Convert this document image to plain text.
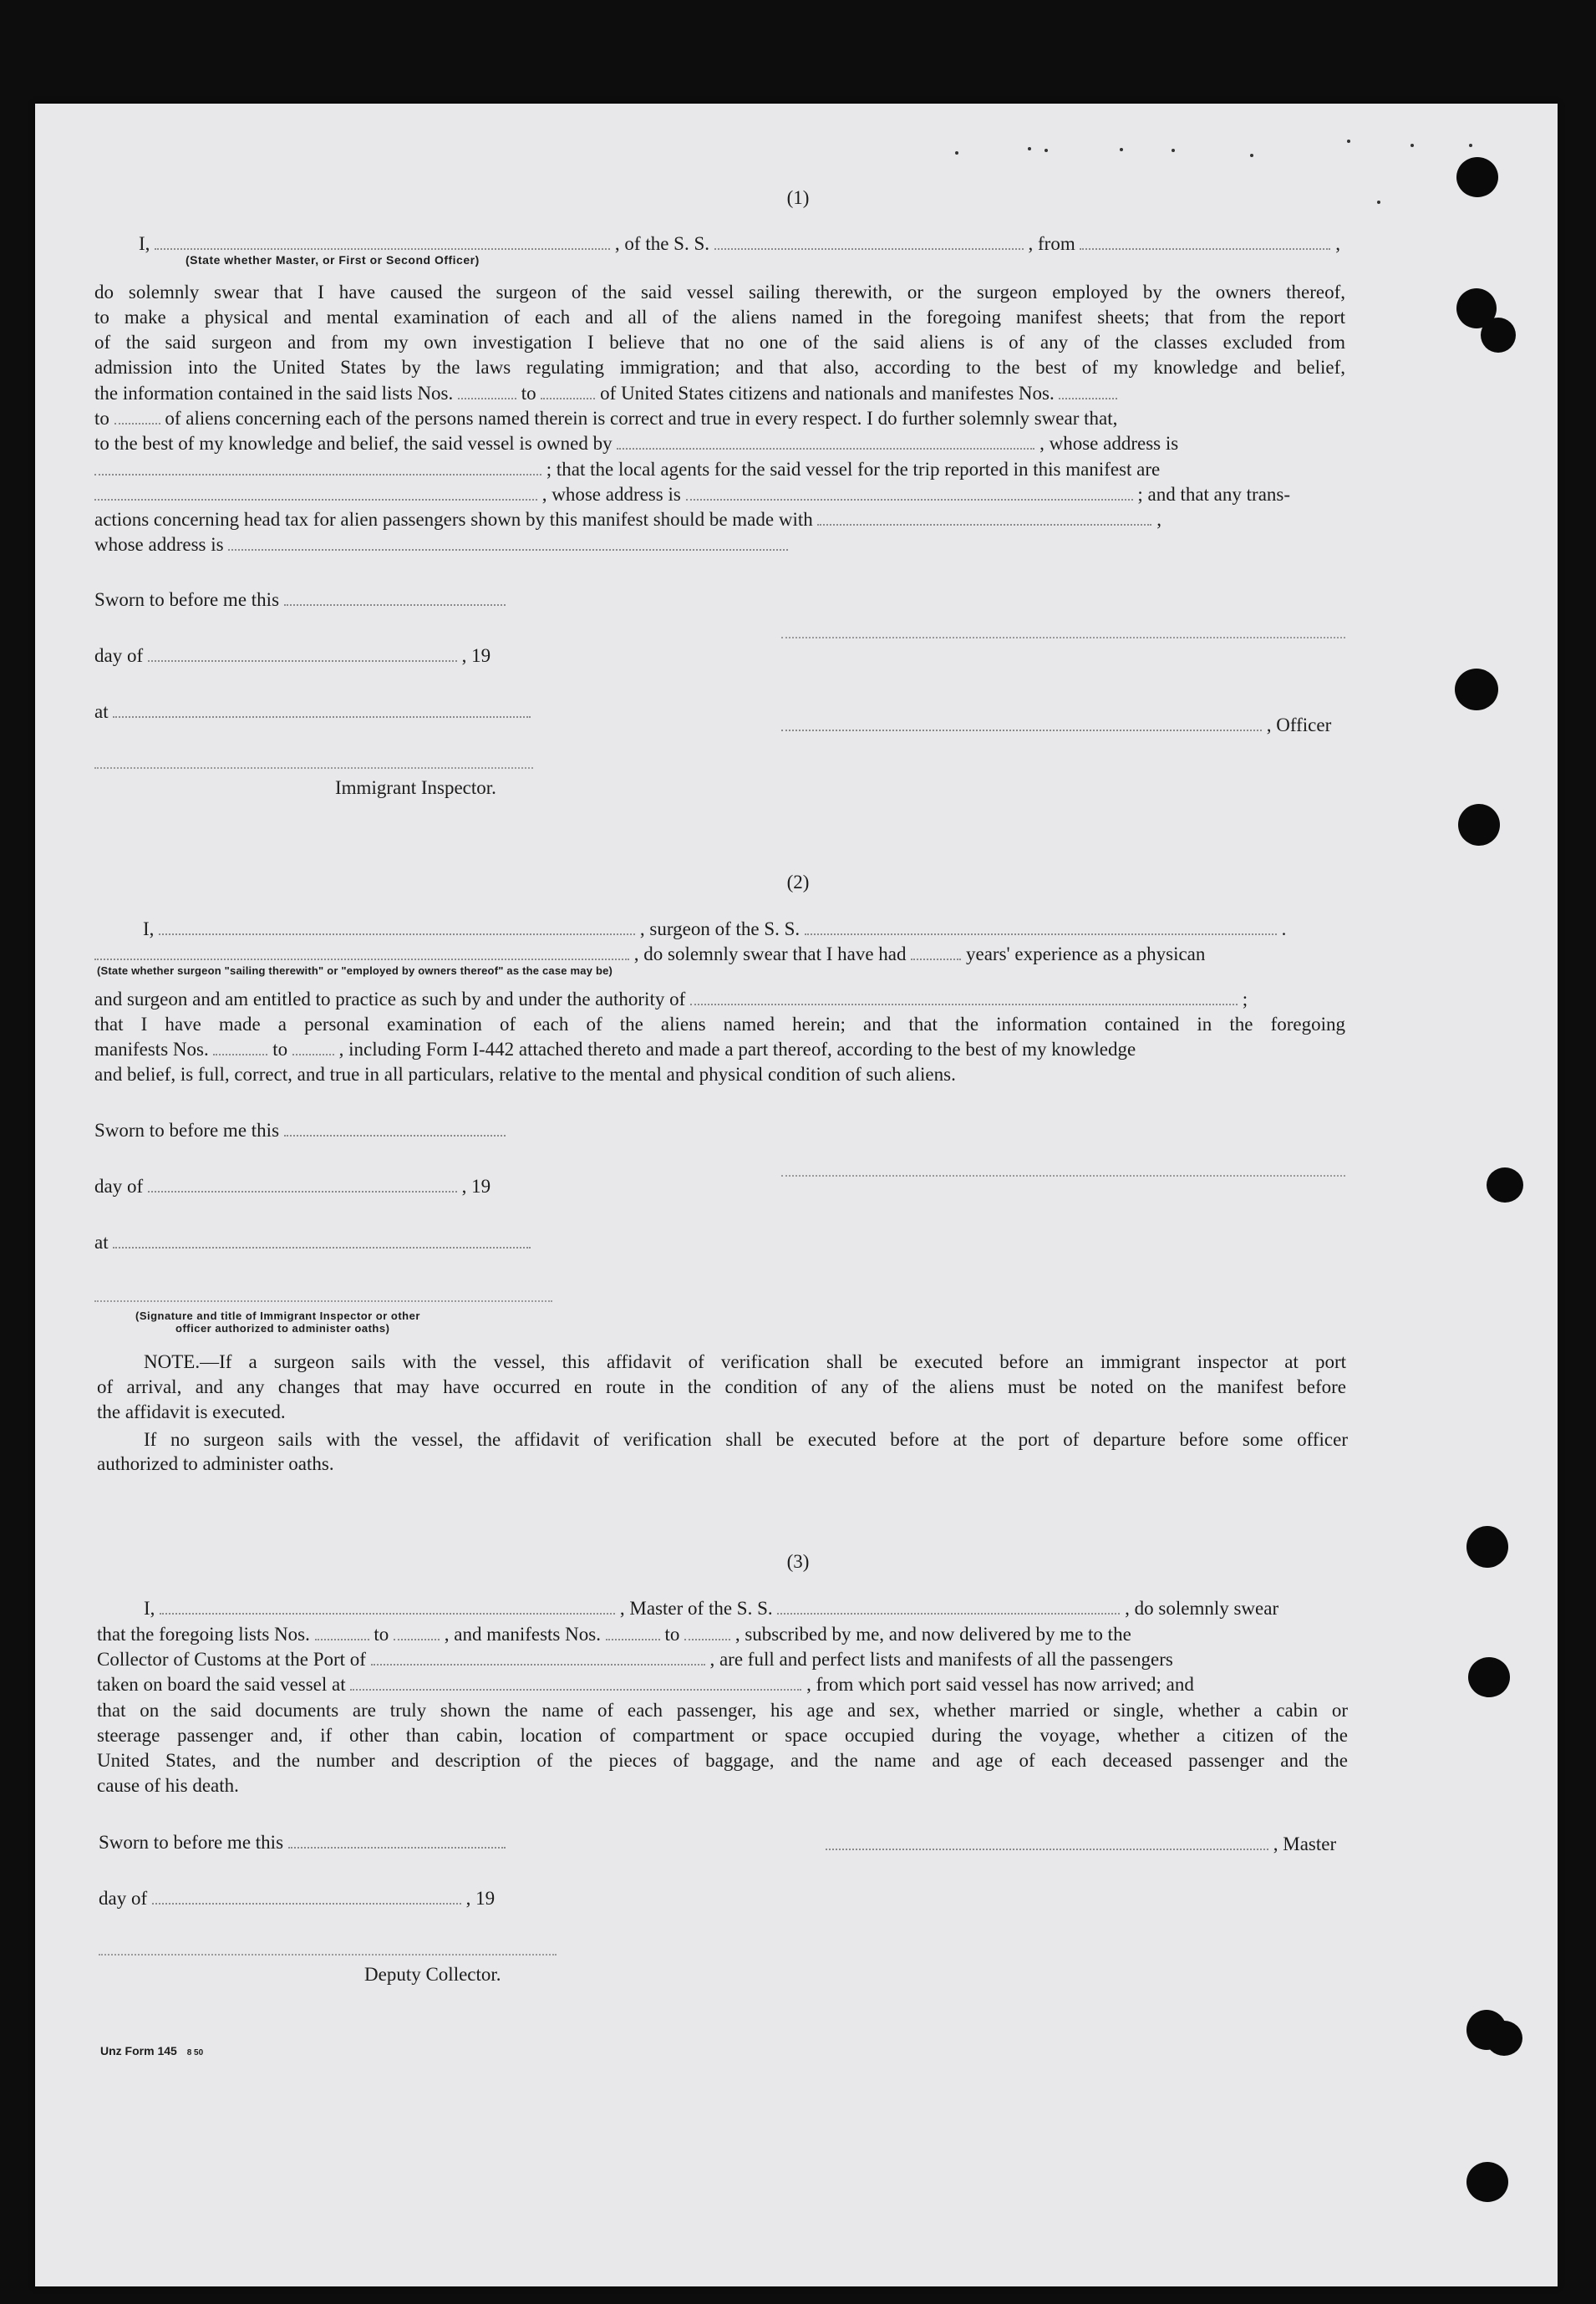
(1)
I,	, of the S. S.	, from	,
(State whether Master, or First or Second Officer)
do solemnly swear that I have caused the surgeon of the said vessel sailing therewith, or the surgeon employed by the owners thereof,
to make a physical and mental examination of each and all of the aliens named in the foregoing manifest sheets; that from the report
of the said surgeon and from my own investigation I believe that no one of the said aliens is of any of the classes excluded from
admission into the United States by the laws regulating immigration; and that also, according to the best of my knowledge and belief,
the information contained in the said lists Nos.	to	of United States citizens and nationals and manifestes Nos.
to	of aliens concerning each of the persons named therein is correct and true in every respect. I do further solemnly swear that,
to the best of my knowledge and belief, the said vessel is owned by	, whose address is
; that the local agents for the said vessel for the trip reported in this manifest are
, whose address is	; and that any trans-
actions concerning head tax for alien passengers shown by this manifest should be made with	,
whose address is
Sworn to before me this
day of	, 19
at
, Officer
Immigrant Inspector.
(2)
I,	, surgeon of the S. S.	.
, do solemnly swear that I have had	years' experience as a physican
(State whether surgeon "sailing therewith" or "employed by owners thereof" as the case may be)
and surgeon and am entitled to practice as such by and under the authority of	;
that I have made a personal examination of each of the aliens named herein; and that the information contained in the foregoing
manifests Nos.	to	, including Form I-442 attached thereto and made a part thereof, according to the best of my knowledge
and belief, is full, correct, and true in all particulars, relative to the mental and physical condition of such aliens.
Sworn to before me this
day of	, 19
at
(Signature and title of Immigrant Inspector or other
officer authorized to administer oaths)
NOTE.—If a surgeon sails with the vessel, this affidavit of verification shall be executed before an immigrant inspector at port
of arrival, and any changes that may have occurred en route in the condition of any of the aliens must be noted on the manifest before
the affidavit is executed.
If no surgeon sails with the vessel, the affidavit of verification shall be executed before at the port of departure before some officer
authorized to administer oaths.
(3)
I,	, Master of the S. S.	, do solemnly swear
that the foregoing lists Nos.	to	, and manifests Nos.	to	, subscribed by me, and now delivered by me to the
Collector of Customs at the Port of	, are full and perfect lists and manifests of all the passengers
taken on board the said vessel at	, from which port said vessel has now arrived; and
that on the said documents are truly shown the name of each passenger, his age and sex, whether married or single, whether a cabin or
steerage passenger and, if other than cabin, location of compartment or space occupied during the voyage, whether a citizen of the
United States, and the number and description of the pieces of baggage, and the name and age of each deceased passenger and the
cause of his death.
Sworn to before me this	, Master
day of	, 19
Deputy Collector.
Unz Form 145 8 50
